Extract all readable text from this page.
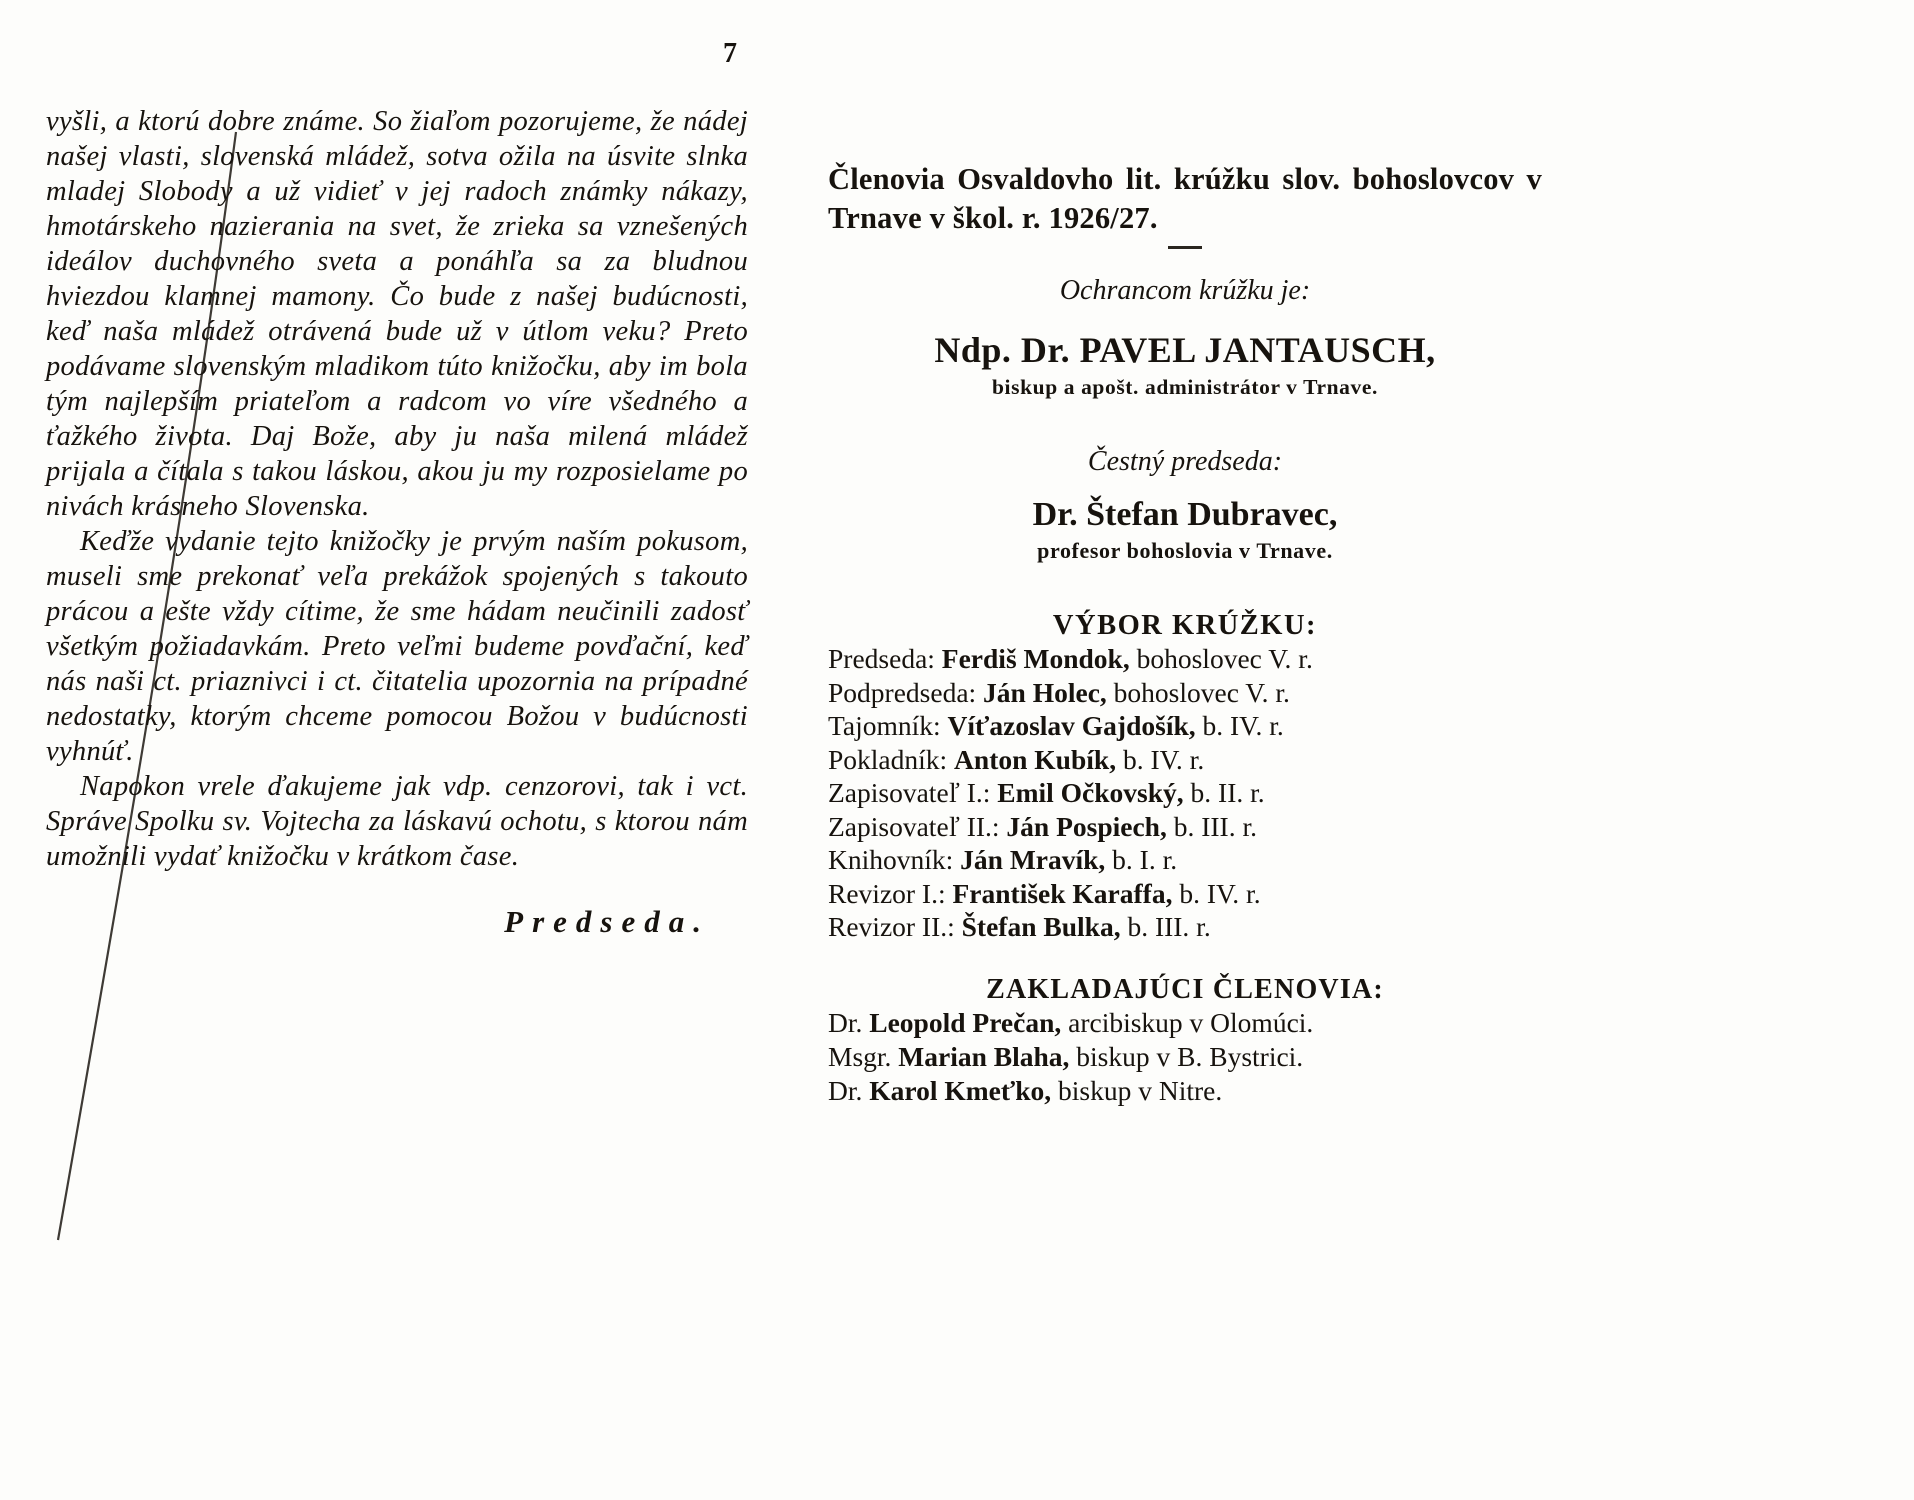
7

vyšli, a ktorú dobre známe. So žiaľom pozorujeme, že nádej našej vlasti, slovenská mládež, sotva ožila na úsvite slnka mladej Slobody a už vidieť v jej radoch známky nákazy, hmotárskeho nazierania na svet, že zrieka sa vznešených ideálov duchovného sveta a ponáhľa sa za bludnou hviezdou klamnej mamony. Čo bude z našej budúcnosti, keď naša mládež otrávená bude už v útlom veku? Preto podávame slovenským mladikom túto knižočku, aby im bola tým najlepším priateľom a radcom vo víre všedného a ťažkého života. Daj Bože, aby ju naša milená mládež prijala a čítala s takou láskou, akou ju my rozposielame po nivách krásneho Slovenska.

Keďže vydanie tejto knižočky je prvým naším pokusom, museli sme prekonať veľa prekážok spojených s takouto prácou a ešte vždy cítime, že sme hádam neučinili zadosť všetkým požiadavkám. Preto veľmi budeme povďační, keď nás naši ct. priaznivci i ct. čitatelia upozornia na prípadné nedostatky, ktorým chceme pomocou Božou v budúcnosti vyhnúť.

Napokon vrele ďakujeme jak vdp. cenzorovi, tak i vct. Správe Spolku sv. Vojtecha za láskavú ochotu, s ktorou nám umožnili vydať knižočku v krátkom čase.

Predseda.
Členovia Osvaldovho lit. krúžku slov. bohoslovcov v Trnave v škol. r. 1926/27.
Ochrancom krúžku je:
Ndp. Dr. PAVEL JANTAUSCH,
biskup a apošt. administrátor v Trnave.
Čestný predseda:
Dr. Štefan Dubravec,
profesor bohoslovia v Trnave.
VÝBOR KRÚŽKU:
Predseda: Ferdiš Mondok, bohoslovec V. r.
Podpredseda: Ján Holec, bohoslovec V. r.
Tajomník: Víťazoslav Gajdošík, b. IV. r.
Pokladník: Anton Kubík, b. IV. r.
Zapisovateľ I.: Emil Očkovský, b. II. r.
Zapisovateľ II.: Ján Pospiech, b. III. r.
Knihovník: Ján Mravík, b. I. r.
Revizor I.: František Karaffa, b. IV. r.
Revizor II.: Štefan Bulka, b. III. r.
ZAKLADAJÚCI ČLENOVIA:
Dr. Leopold Prečan, arcibiskup v Olomúci.
Msgr. Marian Blaha, biskup v B. Bystrici.
Dr. Karol Kmeťko, biskup v Nitre.
